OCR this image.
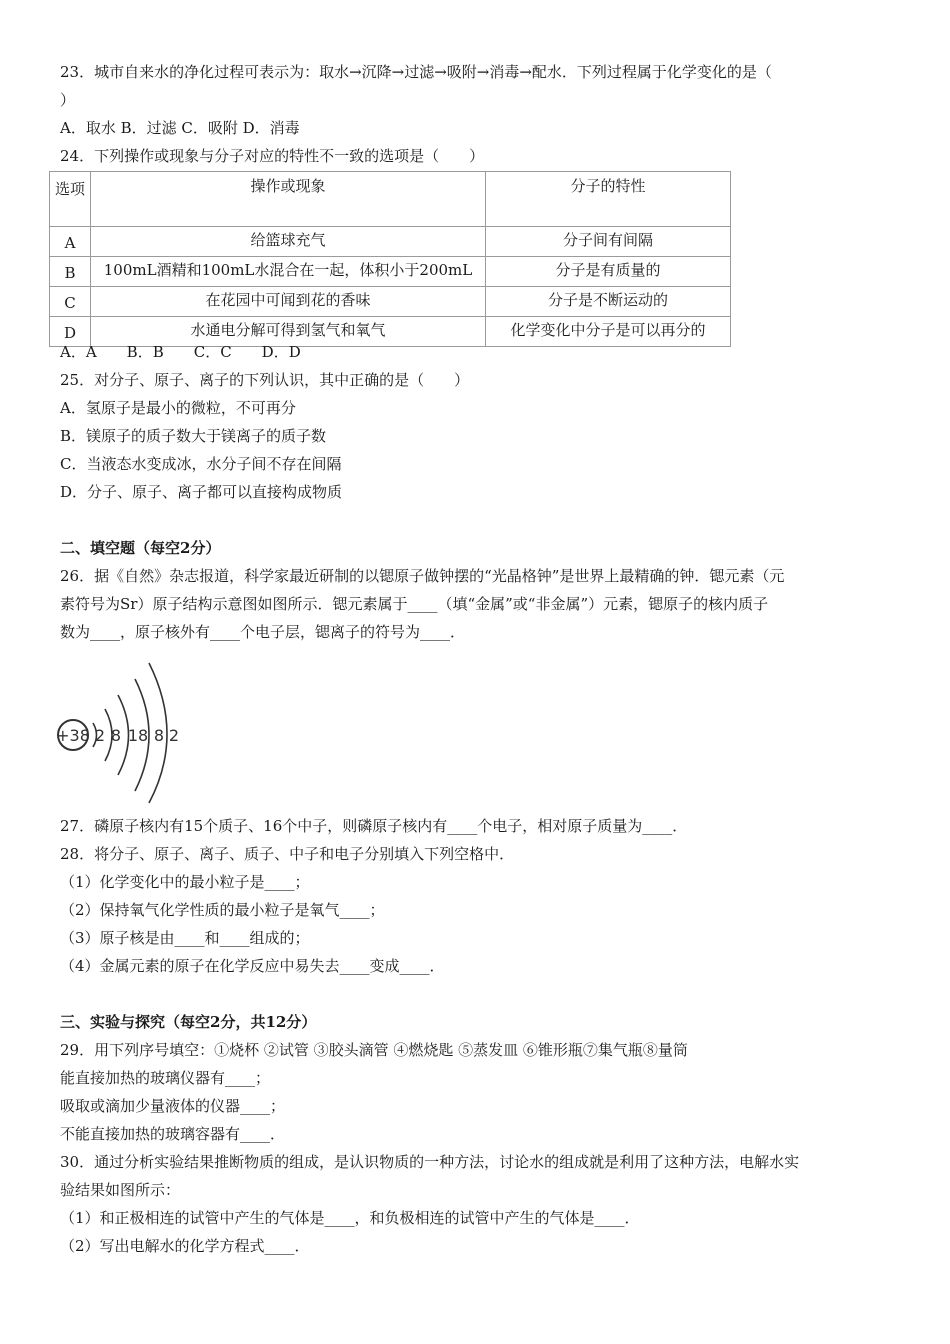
23．城市自来水的净化过程可表示为：取水→沉降→过滤→吸附→消毒→配水．下列过程属于化学变化的是（
）
A．取水 B．过滤 C．吸附 D．消毒
24．下列操作或现象与分子对应的特性不一致的选项是（　　）
选项	操作或现象	分子的特性
A	给篮球充气	分子间有间隔
B	100mL酒精和100mL水混合在一起，体积小于200mL	分子是有质量的
C	在花园中可闻到花的香味	分子是不断运动的
D	水通电分解可得到氢气和氧气	化学变化中分子是可以再分的
A．A　　B．B　　C．C　　D．D
25．对分子、原子、离子的下列认识，其中正确的是（　　）
A．氢原子是最小的微粒，不可再分
B．镁原子的质子数大于镁离子的质子数
C．当液态水变成冰，水分子间不存在间隔
D．分子、原子、离子都可以直接构成物质
二、填空题（每空2分）
26．据《自然》杂志报道，科学家最近研制的以锶原子做钟摆的“光晶格钟”是世界上最精确的钟．锶元素（元
素符号为Sr）原子结构示意图如图所示．锶元素属于____（填“金属”或“非金属”）元素，锶原子的核内质子
数为____，原子核外有____个电子层，锶离子的符号为____．
+38 2 8 18 8 2
27．磷原子核内有15个质子、16个中子，则磷原子核内有____个电子，相对原子质量为____．
28．将分子、原子、离子、质子、中子和电子分别填入下列空格中．
（1）化学变化中的最小粒子是____；
（2）保持氧气化学性质的最小粒子是氧气____；
（3）原子核是由____和____组成的；
（4）金属元素的原子在化学反应中易失去____变成____．
三、实验与探究（每空2分，共12分）
29．用下列序号填空：①烧杯 ②试管 ③胶头滴管 ④燃烧匙 ⑤蒸发皿 ⑥锥形瓶⑦集气瓶⑧量筒
能直接加热的玻璃仪器有____；
吸取或滴加少量液体的仪器____；
不能直接加热的玻璃容器有____．
30．通过分析实验结果推断物质的组成，是认识物质的一种方法，讨论水的组成就是利用了这种方法，电解水实
验结果如图所示：
（1）和正极相连的试管中产生的气体是____，和负极相连的试管中产生的气体是____．
（2）写出电解水的化学方程式____．
